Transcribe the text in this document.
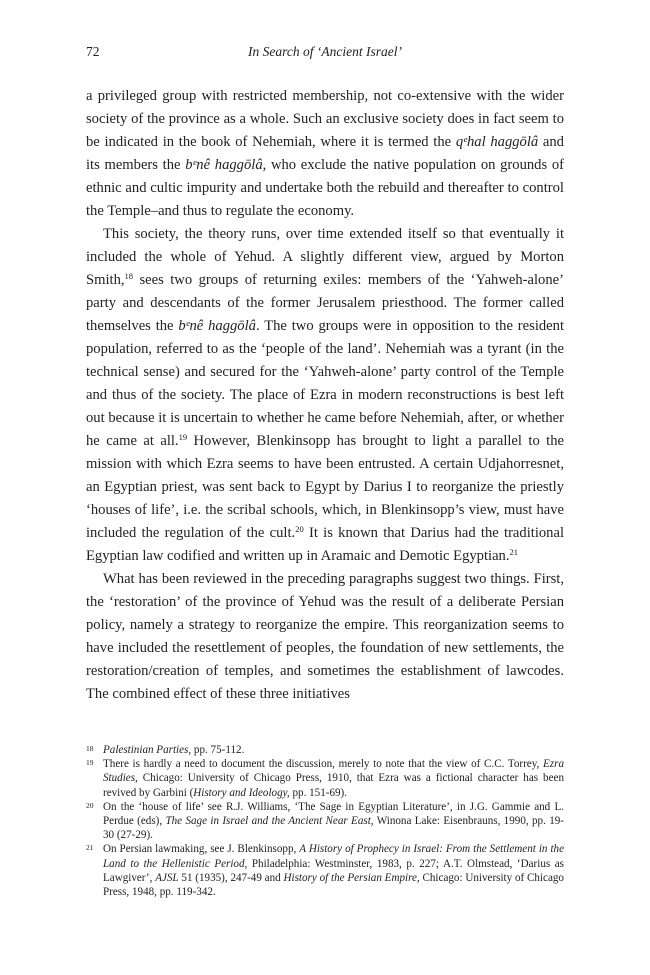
72	In Search of ‘Ancient Israel’

a privileged group with restricted membership, not co-extensive with the wider society of the province as a whole. Such an exclusive society does in fact seem to be indicated in the book of Nehemiah, where it is termed the qᵉhal haggōlâ and its members the bᵉnê haggōlâ, who exclude the native population on grounds of ethnic and cultic impurity and undertake both the rebuild and thereafter to control the Temple–and thus to regulate the economy.

This society, the theory runs, over time extended itself so that eventually it included the whole of Yehud. A slightly different view, argued by Morton Smith,$^{18}$ sees two groups of returning exiles: members of the ‘Yahweh-alone’ party and descendants of the former Jerusalem priesthood. The former called themselves the bᵉnê haggōlâ. The two groups were in opposition to the resident population, referred to as the ‘people of the land’. Nehemiah was a tyrant (in the technical sense) and secured for the ‘Yahweh-alone’ party control of the Temple and thus of the society. The place of Ezra in modern reconstructions is best left out because it is uncertain to whether he came before Nehemiah, after, or whether he came at all.$^{19}$ However, Blenkinsopp has brought to light a parallel to the mission with which Ezra seems to have been entrusted. A certain Udjahorresnet, an Egyptian priest, was sent back to Egypt by Darius I to reorganize the priestly ‘houses of life’, i.e. the scribal schools, which, in Blenkinsopp’s view, must have included the regulation of the cult.$^{20}$ It is known that Darius had the traditional Egyptian law codified and written up in Aramaic and Demotic Egyptian.$^{21}$

What has been reviewed in the preceding paragraphs suggest two things. First, the ‘restoration’ of the province of Yehud was the result of a deliberate Persian policy, namely a strategy to reorganize the empire. This reorganization seems to have included the resettlement of peoples, the foundation of new settlements, the restoration/creation of temples, and sometimes the establishment of lawcodes. The combined effect of these three initiatives

18 Palestinian Parties, pp. 75-112.
19 There is hardly a need to document the discussion, merely to note that the view of C.C. Torrey, Ezra Studies, Chicago: University of Chicago Press, 1910, that Ezra was a fictional character has been revived by Garbini (History and Ideology, pp. 151-69).
20 On the ‘house of life’ see R.J. Williams, ‘The Sage in Egyptian Literature’, in J.G. Gammie and L. Perdue (eds), The Sage in Israel and the Ancient Near East, Winona Lake: Eisenbrauns, 1990, pp. 19-30 (27-29).
21 On Persian lawmaking, see J. Blenkinsopp, A History of Prophecy in Israel: From the Settlement in the Land to the Hellenistic Period, Philadelphia: Westminster, 1983, p. 227; A.T. Olmstead, ‘Darius as Lawgiver’, AJSL 51 (1935), 247-49 and History of the Persian Empire, Chicago: University of Chicago Press, 1948, pp. 119-342.
